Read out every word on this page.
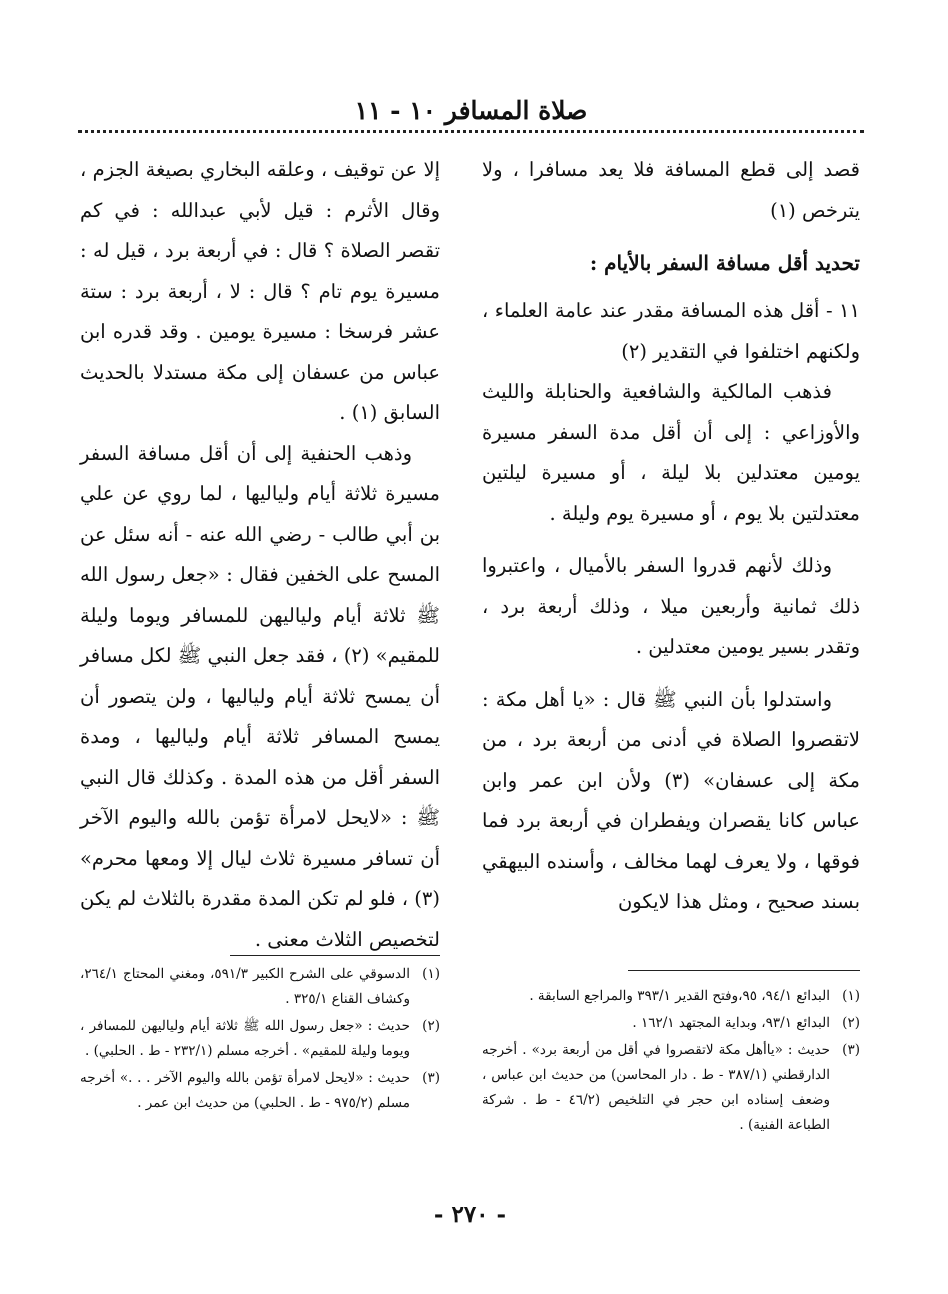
صلاة المسافر ١٠ - ١١

قصد إلى قطع المسافة فلا يعد مسافرا ، ولا يترخص (١)

تحديد أقل مسافة السفر بالأيام :

١١ - أقل هذه المسافة مقدر عند عامة العلماء ، ولكنهم اختلفوا في التقدير (٢)

فذهب المالكية والشافعية والحنابلة والليث والأوزاعي : إلى أن أقل مدة السفر مسيرة يومين معتدلين بلا ليلة ، أو مسيرة ليلتين معتدلتين بلا يوم ، أو مسيرة يوم وليلة .

وذلك لأنهم قدروا السفر بالأميال ، واعتبروا ذلك ثمانية وأربعين ميلا ، وذلك أربعة برد ، وتقدر بسير يومين معتدلين .

واستدلوا بأن النبي ﷺ قال : «يا أهل مكة : لاتقصروا الصلاة في أدنى من أربعة برد ، من مكة إلى عسفان» (٣) ولأن ابن عمر وابن عباس كانا يقصران ويفطران في أربعة برد فما فوقها ، ولا يعرف لهما مخالف ، وأسنده البيهقي بسند صحيح ، ومثل هذا لايكون

إلا عن توقيف ، وعلقه البخاري بصيغة الجزم ، وقال الأثرم : قيل لأبي عبدالله : في كم تقصر الصلاة ؟ قال : في أربعة برد ، قيل له : مسيرة يوم تام ؟ قال : لا ، أربعة برد : ستة عشر فرسخا : مسيرة يومين . وقد قدره ابن عباس من عسفان إلى مكة مستدلا بالحديث السابق (١) .

وذهب الحنفية إلى أن أقل مسافة السفر مسيرة ثلاثة أيام ولياليها ، لما روي عن علي بن أبي طالب - رضي الله عنه - أنه سئل عن المسح على الخفين فقال : «جعل رسول الله ﷺ ثلاثة أيام ولياليهن للمسافر ويوما وليلة للمقيم» (٢) ، فقد جعل النبي ﷺ لكل مسافر أن يمسح ثلاثة أيام ولياليها ، ولن يتصور أن يمسح المسافر ثلاثة أيام ولياليها ، ومدة السفر أقل من هذه المدة . وكذلك قال النبي ﷺ : «لايحل لامرأة تؤمن بالله واليوم الآخر أن تسافر مسيرة ثلاث ليال إلا ومعها محرم» (٣) ، فلو لم تكن المدة مقدرة بالثلاث لم يكن لتخصيص الثلاث معنى .

(١)
البدائع ٩٤/١، ٩٥،وفتح القدير ٣٩٣/١ والمراجع السابقة .

(٢)
البدائع ٩٣/١، وبداية المجتهد ١٦٢/١ .

(٣)
حديث : «ياأهل مكة لاتقصروا في أقل من أربعة برد» . أخرجه الدارقطني (٣٨٧/١ - ط . دار المحاسن) من حديث ابن عباس ، وضعف إسناده ابن حجر في التلخيص (٤٦/٢ - ط . شركة الطباعة الفنية) .

(١)
الدسوقي على الشرح الكبير ٥٩١/٣، ومغني المحتاج ٢٦٤/١، وكشاف القناع ٣٢٥/١ .

(٢)
حديث : «جعل رسول الله ﷺ ثلاثة أيام ولياليهن للمسافر ، ويوما وليلة للمقيم» . أخرجه مسلم (٢٣٢/١ - ط . الحلبي) .

(٣)
حديث : «لايحل لامرأة تؤمن بالله واليوم الآخر . . .» أخرجه مسلم (٩٧٥/٢ - ط . الحلبي) من حديث ابن عمر .

- ٢٧٠ -
